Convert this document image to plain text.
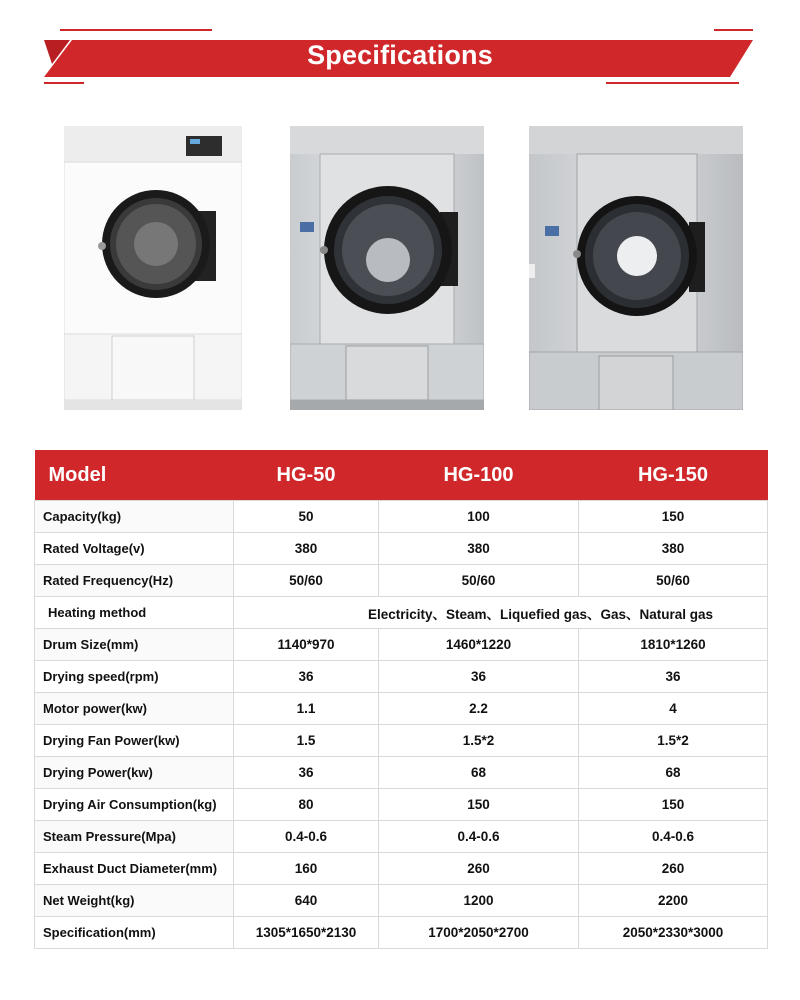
Specifications
Model	HG-50	HG-100	HG-150
Capacity(kg)	50	100	150
Rated Voltage(v)	380	380	380
Rated Frequency(Hz)	50/60	50/60	50/60
Heating method	Electricity、Steam、Liquefied gas、Gas、Natural gas		
Drum Size(mm)	1140*970	1460*1220	1810*1260
Drying speed(rpm)	36	36	36
Motor power(kw)	1.1	2.2	4
Drying Fan Power(kw)	1.5	1.5*2	1.5*2
Drying Power(kw)	36	68	68
Drying Air Consumption(kg)	80	150	150
Steam Pressure(Mpa)	0.4-0.6	0.4-0.6	0.4-0.6
Exhaust Duct Diameter(mm)	160	260	260
Net Weight(kg)	640	1200	2200
Specification(mm)	1305*1650*2130	1700*2050*2700	2050*2330*3000
